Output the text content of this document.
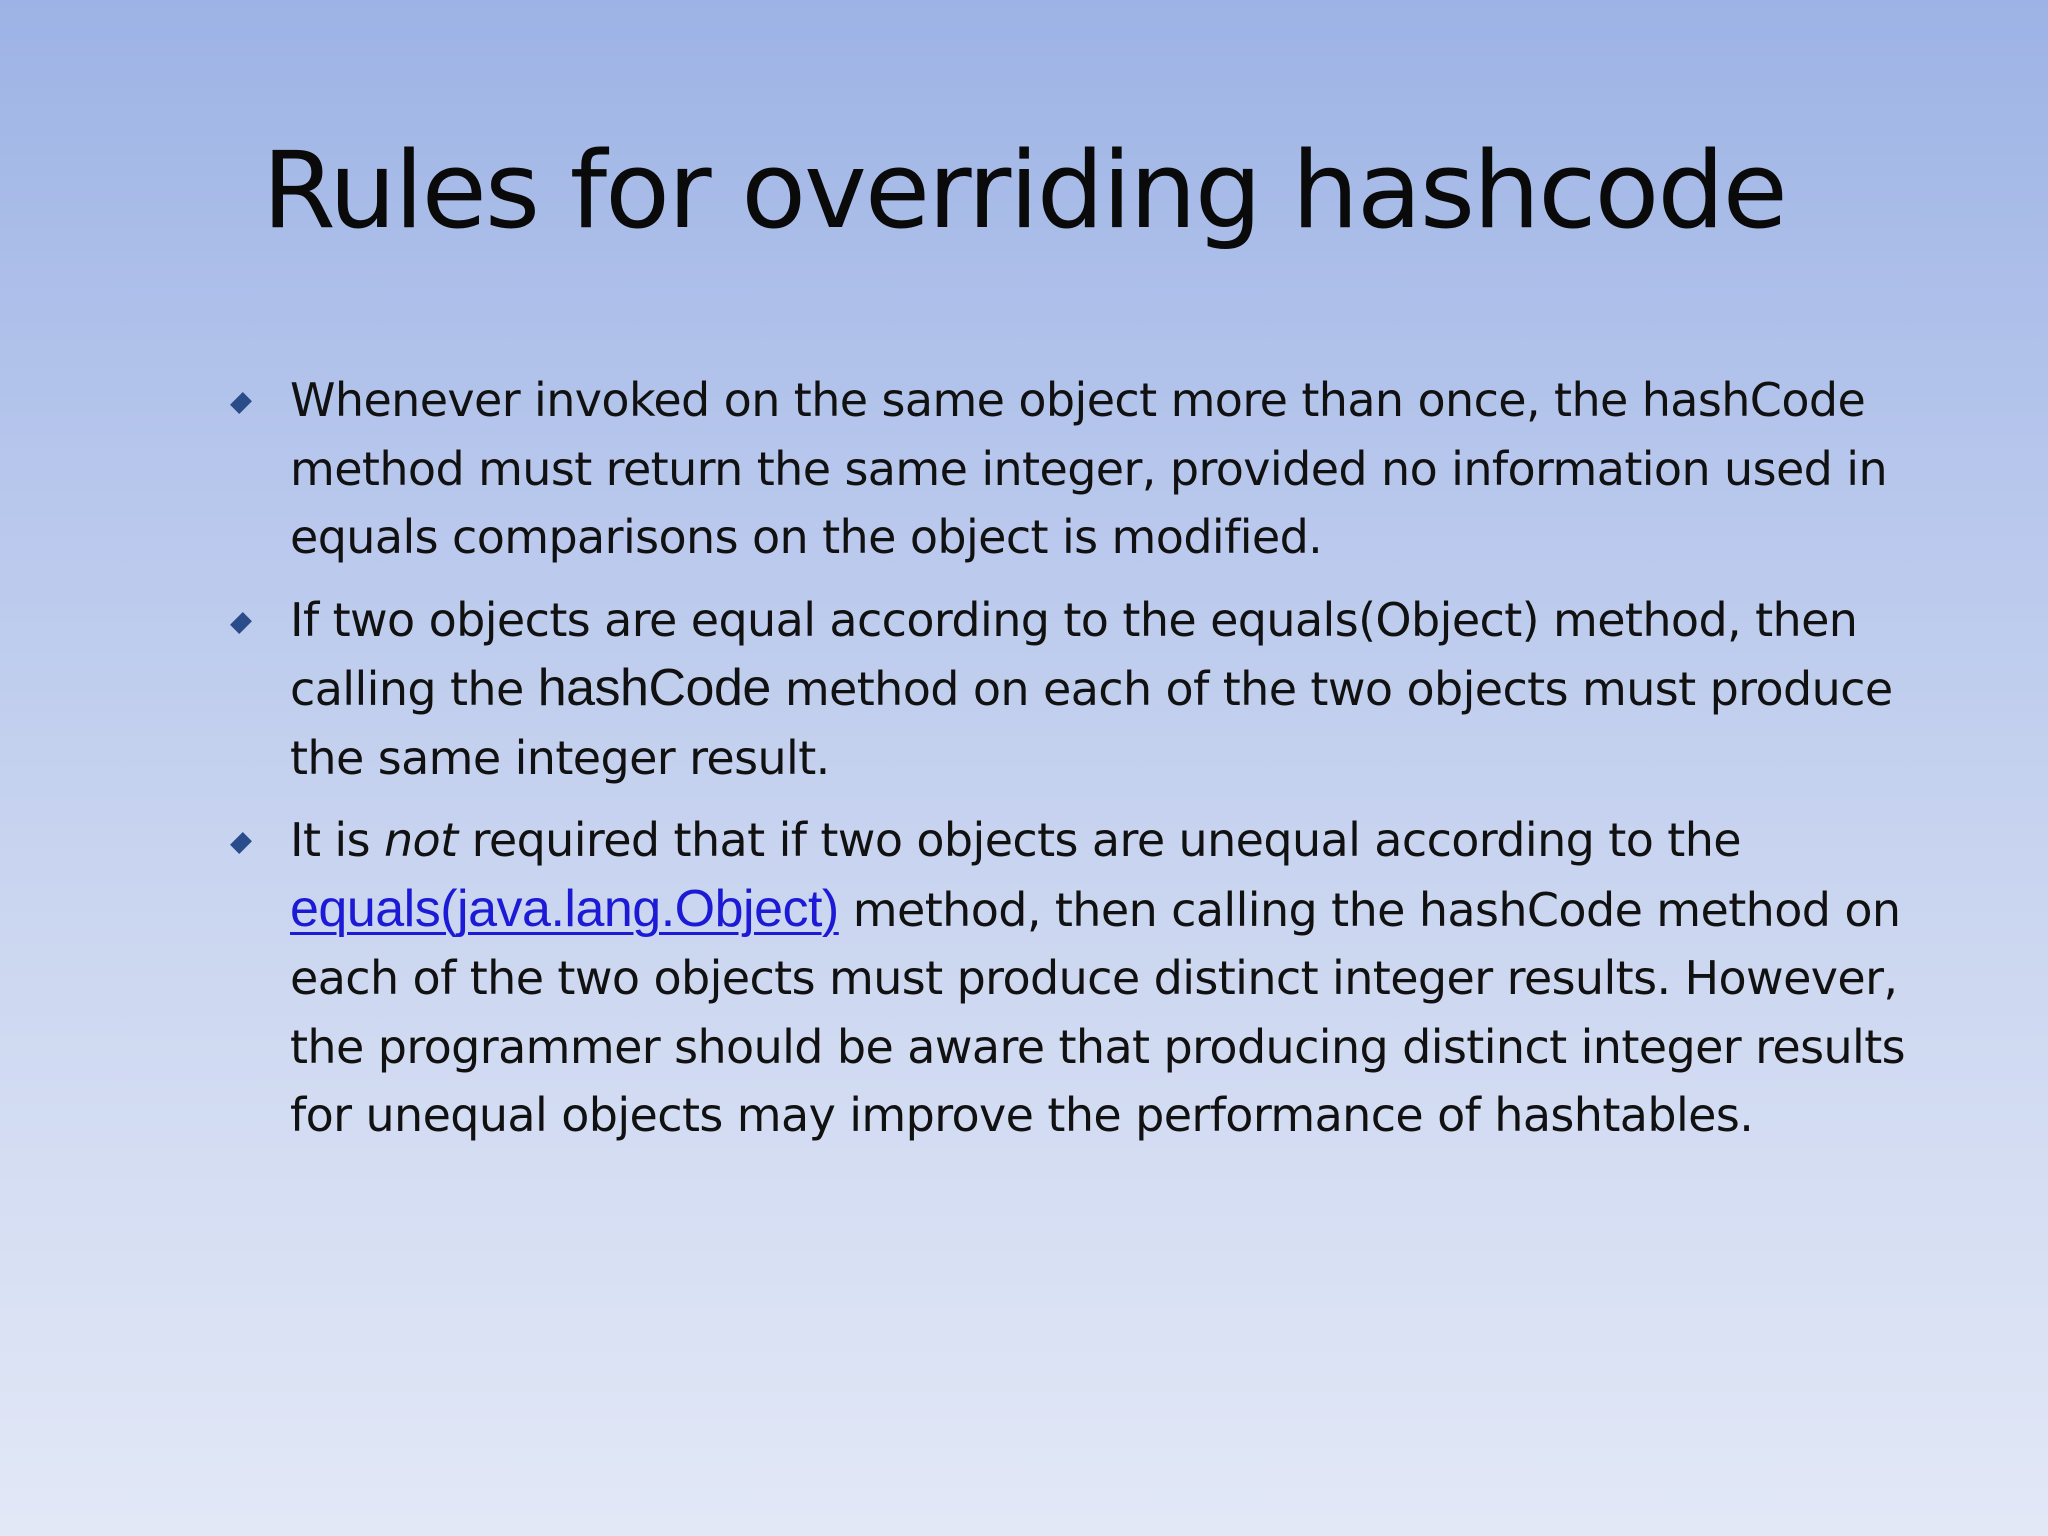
Rules for overriding hashcode
Whenever invoked on the same object more than once, the hashCode method must return the same integer, provided no information used in equals comparisons on the object is modified.
If two objects are equal according to the equals(Object) method, then calling the hashCode method on each of the two objects must produce the same integer result.
It is not required that if two objects are unequal according to the equals(java.lang.Object) method, then calling the hashCode method on each of the two objects must produce distinct integer results. However, the programmer should be aware that producing distinct integer results for unequal objects may improve the performance of hashtables.
